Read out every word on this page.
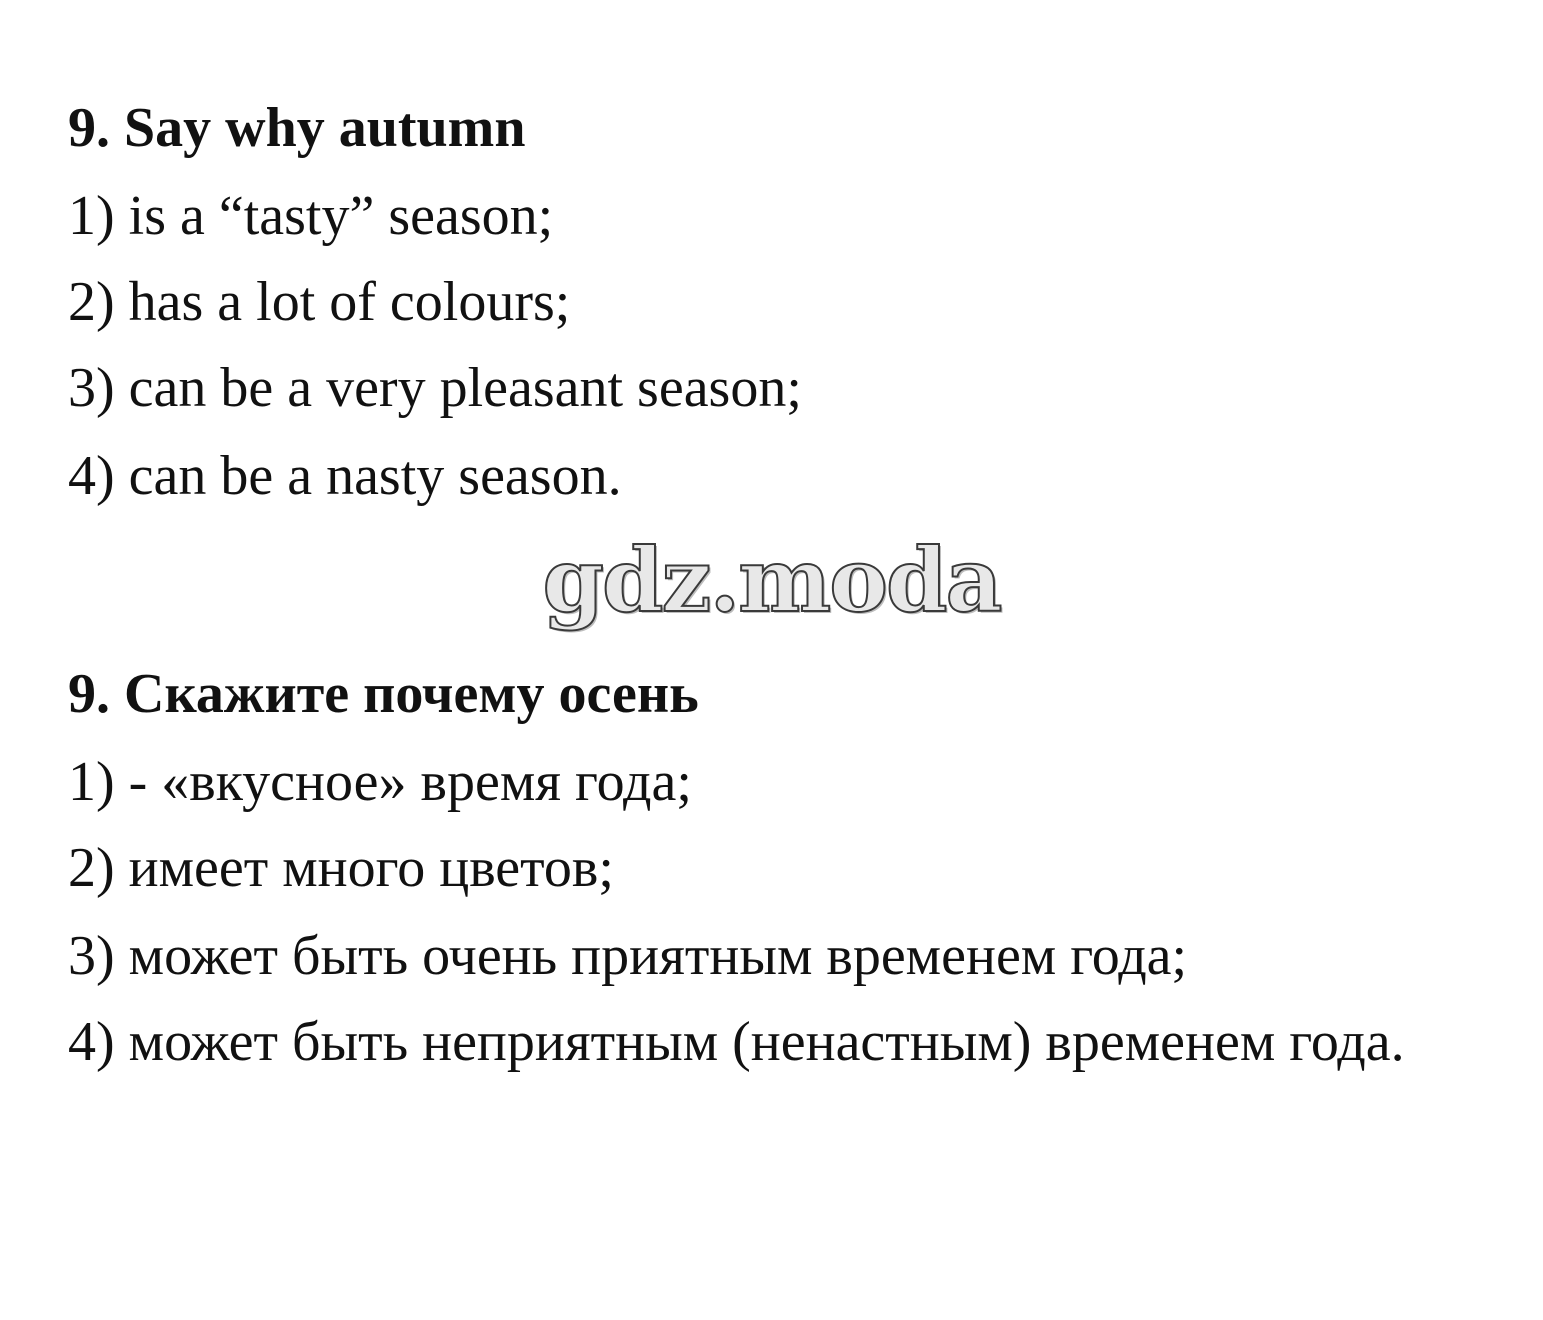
9. Say why autumn
1) is a “tasty” season;
2) has a lot of colours;
3) can be a very pleasant season;
4) can be a nasty season.
gdz.moda
9. Скажите почему осень
1) - «вкусное» время года;
2) имеет много цветов;
3) может быть очень приятным временем года;
4) может быть неприятным (ненастным) временем года.
